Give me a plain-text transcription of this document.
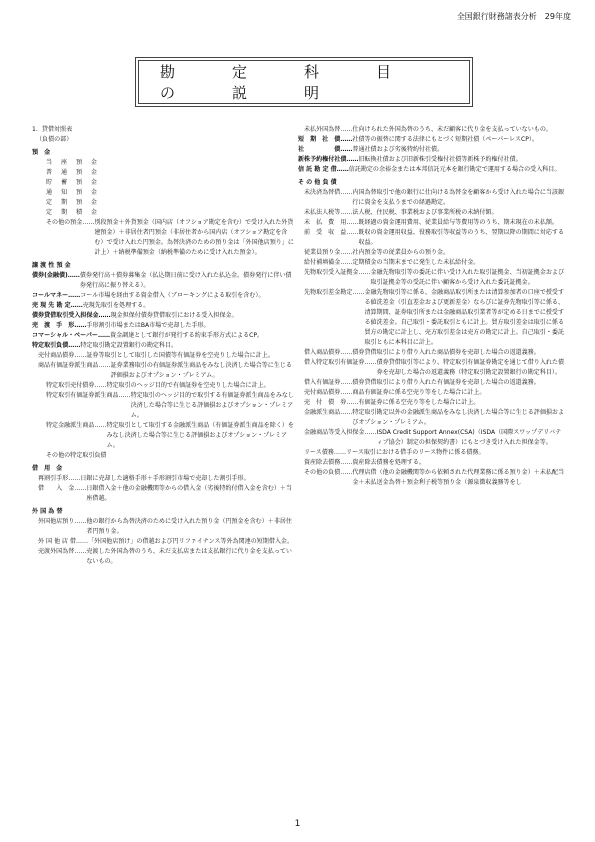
全国銀行財務諸表分析　29年度
勘　定　科　目　の　説　明
1．貸借対照表
（負債の部）
預　金
当 座 預 金
普 通 預 金
貯 蓄 預 金
通 知 預 金
定 期 預 金
定 期 積 金
その他の預金…… 別段預金＋外貨預金（国内店（オフショア勘定を含む）で受け入れた外貨建預金）＋非居住者円預金（非居住者から国内店（オフショア勘定を含む）で受け入れた円預金。為替決済のための預り金は「外国他店預り」に計上）＋納税準備預金（納税準備のために受け入れた預金）。
譲 渡 性 預 金
債券(金融債)…… 債券発行高＋債券募集金（払込期日前に受け入れた払込金。債券発行に伴い債券発行高に振り替える）。
コールマネー…… コール市場を経由する資金借入（ブローキングによる取引を含む）。
売 現 先 勘 定…… 売現先取引を処理する。
債券貸借取引受入担保金…… 現金担保付債券貸借取引における受入担保金。
売　渡　手　形…… 手形割引市場またはBA市場で売却した手形。
コマーシャル・ペーパー…… 資金調達として銀行が発行する約束手形方式によるCP。
特定取引負債…… 特定取引勘定設置銀行の勘定科目。
売付商品債券…… 証券等取引として取引した国債等有価証券を空売りした場合に計上。
商品有価証券派生商品…… 証券業務取引の有価証券派生商品をみなし決済した場合等に生じる評価損およびオプション・プレミアム。
特定取引売付債券…… 特定取引のヘッジ目的で有価証券を空売りした場合に計上。
特定取引有価証券派生商品…… 特定取引のヘッジ目的で取引する有価証券派生商品をみなし決済した場合等に生じる評価損およびオプション・プレミアム。
特定金融派生商品…… 特定取引として取引する金融派生商品（有価証券派生商品を除く）をみなし決済した場合等に生じる評価損およびオプション・プレミアム。
その他の特定取引負債
借　用　金
再割引手形…… 日銀に売却した適格手形＋手形割引市場で売却した割引手形。
借　　入　金…… 日銀借入金＋他の金融機関等からの借入金（劣後特約付借入金を含む）＋当座借越。
外 国 為 替
外国他店預り…… 他の銀行から為替決済のために受け入れた預り金（円預金を含む）＋非居住者円預り金。
外 国 他 店 借…… 「外国他店預け」の借越および円リファイナンス等外為関連の短期借入金。
売渡外国為替…… 売渡した外国為替のうち、未だ支払店または支払銀行に代り金を支払っていないもの。
未払外国為替…… 仕向けられた外国為替のうち、未だ顧客に代り金を支払っていないもの。
短　期　社　債…… 社債等の振替に関する法律にもとづく短期社債（ペーパーレスCP）。
社　　　　　債…… 普通社債および劣後特約付社債。
新株予約権付社債…… 旧転換社債および旧新株引受権付社債等新株予約権付社債。
信 託 勘 定 借…… 信託勘定の余裕金または本邦信託元本を銀行勘定で運用する場合の受入科目。
そ の 他 負 債
未決済為替借…… 内国為替取引で他の銀行に仕向ける為替金を顧客から受け入れた場合に当該銀行に資金を支払うまでの経過勘定。
未払法人税等…… 法人税、住民税、事業税および事業所税の未納付額。
未　払　費　用…… 既経過の資金運用費用、従業員給与等費用等のうち、期末現在の未払額。
前　受　収　益…… 既収の資金運用収益、役務取引等収益等のうち、翌期以降の期間に対応する収益。
従業員預り金…… 社内預金等の従業員からの預り金。
給付補填備金…… 定期積金の当期末までに発生した未払給付金。
先物取引受入証拠金…… 金融先物取引等の委託に伴い受け入れた取引証拠金、当初証拠金および取引証拠金等の受託に伴い顧客から受け入れた委託証拠金。
先物取引差金勘定…… 金融先物取引等に係る、金融商品取引所または清算参加者の口座で授受する値洗差金（引直差金および更新差金）ならびに証券先物取引等に係る、清算期間、証券取引所または金融商品取引業者等が定める日までに授受する値洗差金。自己取引・委託取引ともに計上。買方取引差金は取引に係る買方の勘定に計上し、売方取引差金は売方の勘定に計上。自己取引・委託取引ともに本科目に計上。
借入商品債券…… 債券貸借取引により借り入れた商品債券を売却した場合の返還義務。
借入特定取引有価証券…… 債券貸借取引等により、特定取引有価証券勘定を通じて借り入れた債券を売却した場合の返還義務（特定取引勘定設置銀行の勘定科目）。
借入有価証券…… 債券貸借取引により借り入れた有価証券を売却した場合の返還義務。
売付商品債券…… 商品有価証券に係る空売り等をした場合に計上。
売　付　債　券…… 有価証券に係る空売り等をした場合に計上。
金融派生商品…… 特定取引勘定以外の金融派生商品をみなし決済した場合等に生じる評価損およびオプション・プレミアム。
金融商品等受入担保金…… ISDA Credit Support Annex(CSA)（ISDA（国際スワップデリバティブ協会）制定の担保契約書）にもとづき受け入れた担保金等。
リース債務…… リース取引における借手のリース物件に係る債務。
資産除去債務…… 資産除去債務を処理する。
その他の負債…… 代理店借（他の金融機関等から依頼された代理業務に係る預り金）＋未払配当金＋未払送金為替＋預金利子税等預り金（源泉徴収義務等をし
1
